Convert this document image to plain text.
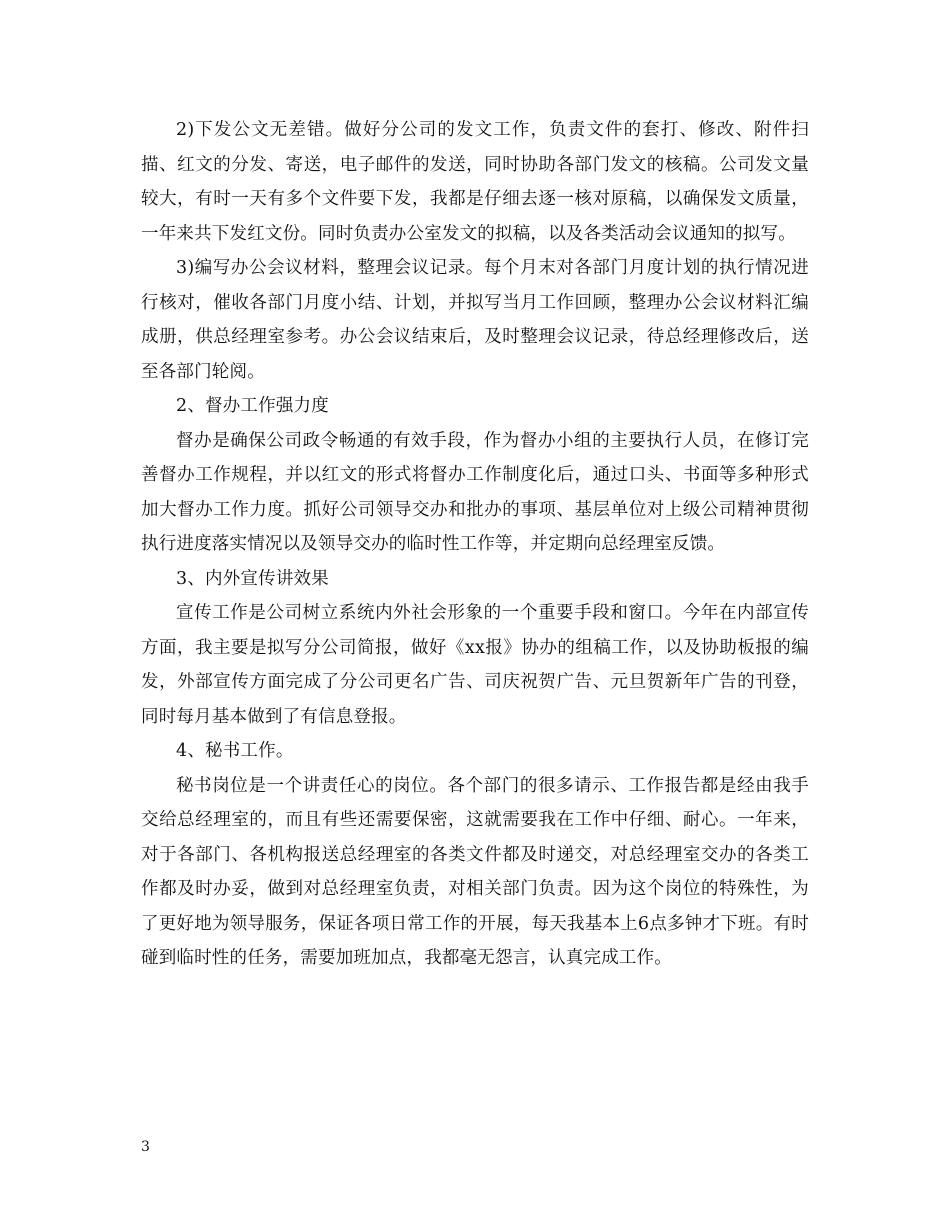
2)下发公文无差错。做好分公司的发文工作，负责文件的套打、修改、附件扫描、红文的分发、寄送，电子邮件的发送，同时协助各部门发文的核稿。公司发文量较大，有时一天有多个文件要下发，我都是仔细去逐一核对原稿，以确保发文质量，一年来共下发红文份。同时负责办公室发文的拟稿，以及各类活动会议通知的拟写。

3)编写办公会议材料，整理会议记录。每个月末对各部门月度计划的执行情况进行核对，催收各部门月度小结、计划，并拟写当月工作回顾，整理办公会议材料汇编成册，供总经理室参考。办公会议结束后，及时整理会议记录，待总经理修改后，送至各部门轮阅。

2、督办工作强力度

督办是确保公司政令畅通的有效手段，作为督办小组的主要执行人员，在修订完善督办工作规程，并以红文的形式将督办工作制度化后，通过口头、书面等多种形式加大督办工作力度。抓好公司领导交办和批办的事项、基层单位对上级公司精神贯彻执行进度落实情况以及领导交办的临时性工作等，并定期向总经理室反馈。

3、内外宣传讲效果

宣传工作是公司树立系统内外社会形象的一个重要手段和窗口。今年在内部宣传方面，我主要是拟写分公司简报，做好《xx报》协办的组稿工作，以及协助板报的编发，外部宣传方面完成了分公司更名广告、司庆祝贺广告、元旦贺新年广告的刊登，同时每月基本做到了有信息登报。

4、秘书工作。

秘书岗位是一个讲责任心的岗位。各个部门的很多请示、工作报告都是经由我手交给总经理室的，而且有些还需要保密，这就需要我在工作中仔细、耐心。一年来，对于各部门、各机构报送总经理室的各类文件都及时递交，对总经理室交办的各类工作都及时办妥，做到对总经理室负责，对相关部门负责。因为这个岗位的特殊性，为了更好地为领导服务，保证各项日常工作的开展，每天我基本上6点多钟才下班。有时碰到临时性的任务，需要加班加点，我都毫无怨言，认真完成工作。

3
